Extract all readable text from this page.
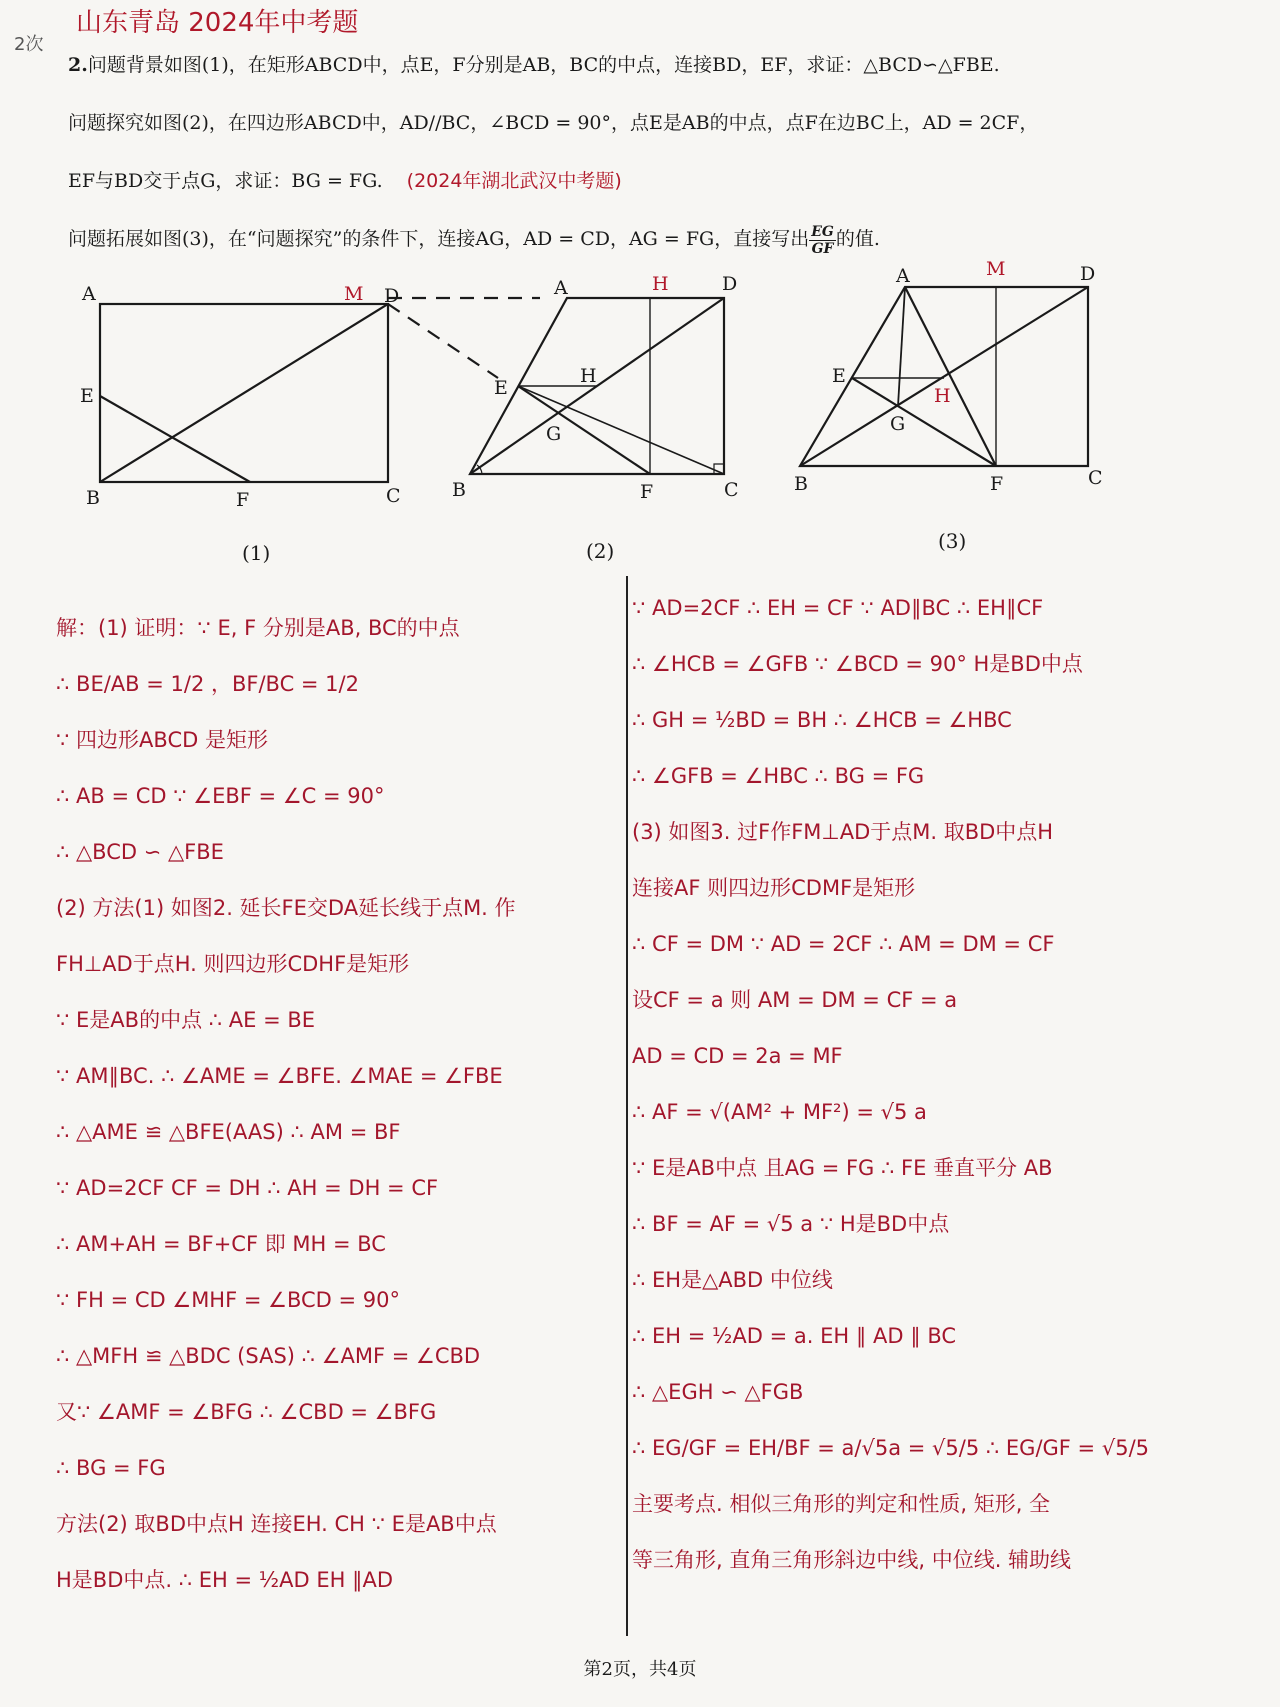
2次
山东青岛 2024年中考题

2.问题背景如图(1)，在矩形ABCD中，点E，F分别是AB，BC的中点，连接BD，EF，求证：△BCD∽△FBE.

问题探究如图(2)，在四边形ABCD中，AD//BC，∠BCD = 90°，点E是AB的中点，点F在边BC上，AD = 2CF，

EF与BD交于点G，求证：BG = FG. (2024年湖北武汉中考题)

问题拓展如图(3)，在“问题探究”的条件下，连接AG，AD = CD，AG = FG，直接写出 $\frac{EG}{GF}$ 的值.

A
E
B	F	C
D
M	A	D
E
G
H
B	F	C
H	A	D
E
G
B	F	C
M
H
(1)	(2)	(3)
解：(1) 证明：∵ E, F 分别是AB, BC的中点
∴ BE/AB = 1/2 ，BF/BC = 1/2
∵ 四边形ABCD 是矩形
∴ AB = CD ∵ ∠EBF = ∠C = 90°
∴ △BCD ∽ △FBE
(2) 方法(1) 如图2. 延长FE交DA延长线于点M. 作
FH⊥AD于点H. 则四边形CDHF是矩形
∵ E是AB的中点 ∴ AE = BE
∵ AM∥BC. ∴ ∠AME = ∠BFE. ∠MAE = ∠FBE
∴ △AME ≌ △BFE(AAS) ∴ AM = BF
∵ AD=2CF CF = DH ∴ AH = DH = CF
∴ AM+AH = BF+CF 即 MH = BC
∵ FH = CD ∠MHF = ∠BCD = 90°
∴ △MFH ≌ △BDC (SAS) ∴ ∠AMF = ∠CBD
又∵ ∠AMF = ∠BFG ∴ ∠CBD = ∠BFG
∴ BG = FG
方法(2) 取BD中点H 连接EH. CH ∵ E是AB中点
H是BD中点. ∴ EH = ½AD EH ∥AD
∵ AD=2CF ∴ EH = CF ∵ AD∥BC ∴ EH∥CF
∴ ∠HCB = ∠GFB ∵ ∠BCD = 90° H是BD中点
∴ GH = ½BD = BH ∴ ∠HCB = ∠HBC
∴ ∠GFB = ∠HBC ∴ BG = FG
(3) 如图3. 过F作FM⊥AD于点M. 取BD中点H
连接AF 则四边形CDMF是矩形
∴ CF = DM ∵ AD = 2CF ∴ AM = DM = CF
设CF = a 则 AM = DM = CF = a
AD = CD = 2a = MF
∴ AF = √(AM² + MF²) = √5 a
∵ E是AB中点 且AG = FG ∴ FE 垂直平分 AB
∴ BF = AF = √5 a ∵ H是BD中点
∴ EH是△ABD 中位线
∴ EH = ½AD = a. EH ∥ AD ∥ BC
∴ △EGH ∽ △FGB
∴ EG/GF = EH/BF = a/√5a = √5/5 ∴ EG/GF = √5/5
主要考点. 相似三角形的判定和性质, 矩形, 全
等三角形, 直角三角形斜边中线, 中位线. 辅助线
第2页，共4页
